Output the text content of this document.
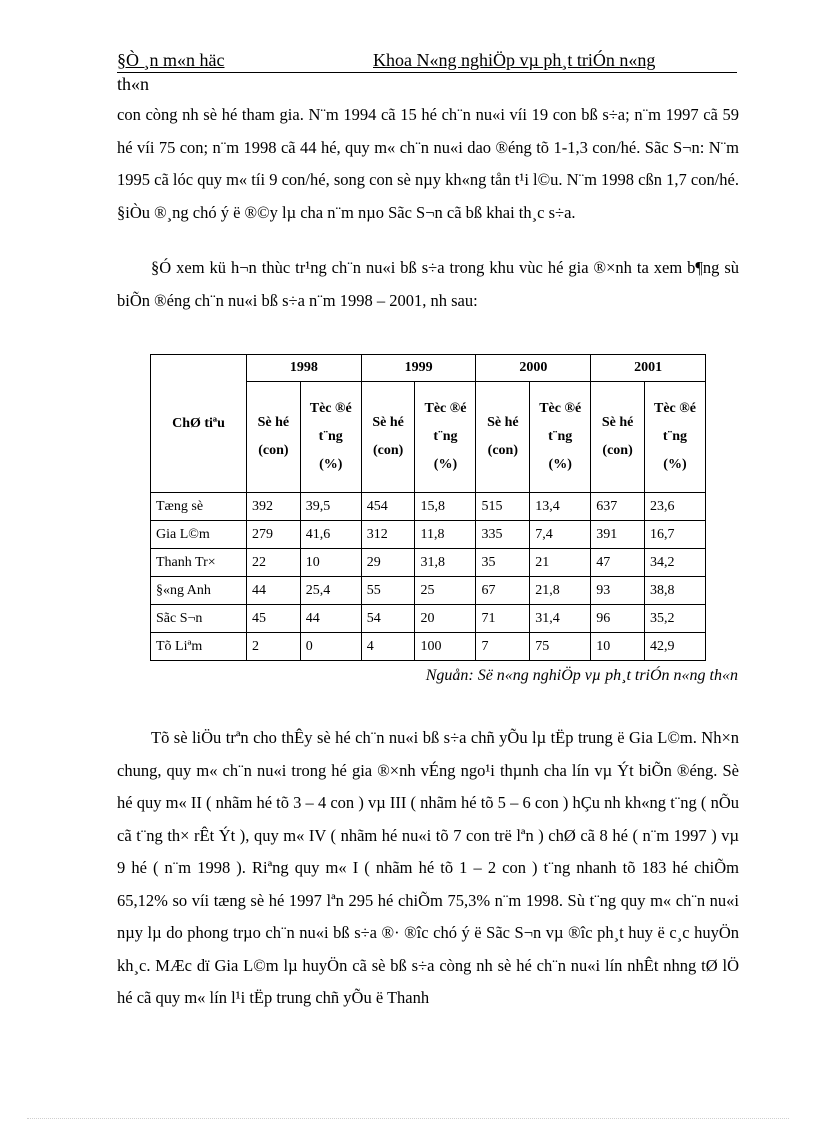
§Ò ¸n m«n häc	Khoa N«ng nghiÖp vµ ph¸t triÓn n«ng
th«n

con còng nh sè hé tham gia. N¨m 1994 cã 15 hé ch¨n nu«i víi 19 con bß s÷a; n¨m 1997 cã 59 hé víi 75 con; n¨m 1998 cã 44 hé, quy m« ch¨n nu«i dao ®éng tõ 1-1,3 con/hé. Sãc S¬n: N¨m 1995 cã lóc quy m« tíi 9 con/hé, song con sè nµy kh«ng tån t¹i l©u. N¨m 1998 cßn 1,7 con/hé. §iÒu ®¸ng chó ý ë ®©y lµ cha n¨m nµo Sãc S¬n cã bß khai th¸c s÷a.

§Ó xem kü h¬n thùc tr¹ng ch¨n nu«i bß s÷a trong khu vùc hé gia ®×nh ta xem b¶ng sù biÕn ®éng ch¨n nu«i bß s÷a n¨m 1998 – 2001, nh sau:

ChØ tiªu	1998		1999		2000		2001	
	Sè hé (con)	Tèc ®é t¨ng (%)	Sè hé (con)	Tèc ®é t¨ng (%)	Sè hé (con)	Tèc ®é t¨ng (%)	Sè hé (con)	Tèc ®é t¨ng (%)
Tæng sè	392	39,5	454	15,8	515	13,4	637	23,6
Gia L©m	279	41,6	312	11,8	335	7,4	391	16,7
Thanh Tr×	22	10	29	31,8	35	21	47	34,2
§«ng Anh	44	25,4	55	25	67	21,8	93	38,8
Sãc S¬n	45	44	54	20	71	31,4	96	35,2
Tõ Liªm	2	0	4	100	7	75	10	42,9
Nguån: Së n«ng nghiÖp vµ ph¸t triÓn n«ng th«n

Tõ sè liÖu trªn cho thÊy sè hé ch¨n nu«i bß s÷a chñ yÕu lµ tËp trung ë Gia L©m. Nh×n chung, quy m« ch¨n nu«i trong hé gia ®×nh vÉng ngo¹i thµnh cha lín vµ Ýt biÕn ®éng. Sè hé quy m« II ( nhãm hé tõ 3 – 4 con ) vµ III ( nhãm hé tõ 5 – 6 con ) hÇu nh kh«ng t¨ng ( nÕu cã t¨ng th× rÊt Ýt ), quy m« IV ( nhãm hé nu«i tõ 7 con trë lªn ) chØ cã 8 hé ( n¨m 1997 ) vµ 9 hé ( n¨m 1998 ). Riªng quy m« I ( nhãm hé tõ 1 – 2 con ) t¨ng nhanh tõ 183 hé chiÕm 65,12% so víi tæng sè hé 1997 lªn 295 hé chiÕm 75,3% n¨m 1998. Sù t¨ng quy m« ch¨n nu«i nµy lµ do phong trµo ch¨n nu«i bß s÷a ®· ®îc chó ý ë Sãc S¬n vµ ®îc ph¸t huy ë c¸c huyÖn kh¸c. MÆc dï Gia L©m lµ huyÖn cã sè bß s÷a còng nh sè hé ch¨n nu«i lín nhÊt nhng tØ lÖ hé cã quy m« lín l¹i tËp trung chñ yÕu ë Thanh
